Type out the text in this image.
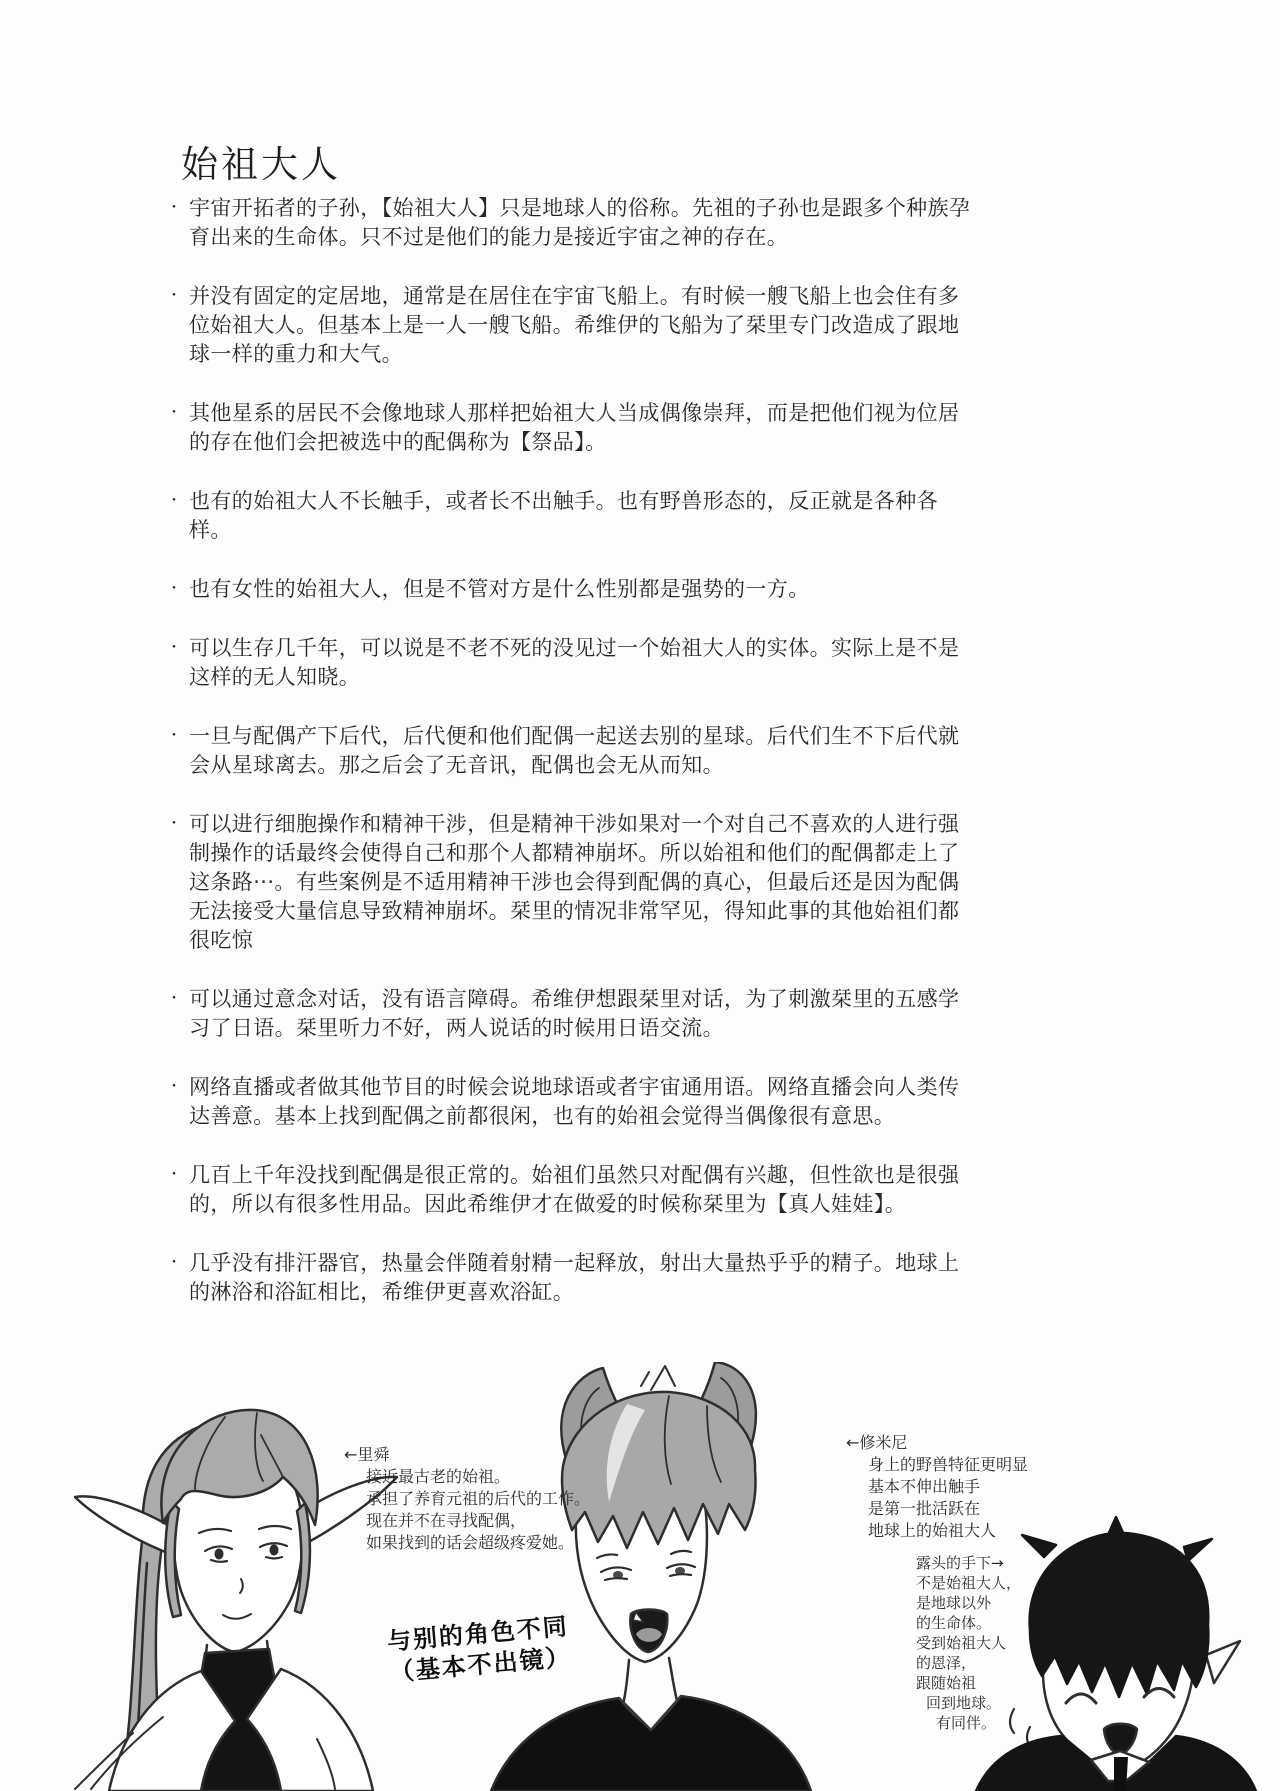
始祖大人
・ 宇宙开拓者的子孙，【始祖大人】只是地球人的俗称。先祖的子孙也是跟多个种族孕育出来的生命体。只不过是他们的能力是接近宇宙之神的存在。
・ 并没有固定的定居地，通常是在居住在宇宙飞船上。有时候一艘飞船上也会住有多位始祖大人。但基本上是一人一艘飞船。希维伊的飞船为了栞里专门改造成了跟地球一样的重力和大气。
・ 其他星系的居民不会像地球人那样把始祖大人当成偶像崇拜，而是把他们视为位居的存在他们会把被选中的配偶称为【祭品】。
・ 也有的始祖大人不长触手，或者长不出触手。也有野兽形态的，反正就是各种各样。
・ 也有女性的始祖大人，但是不管对方是什么性别都是强势的一方。
・ 可以生存几千年，可以说是不老不死的没见过一个始祖大人的实体。实际上是不是这样的无人知晓。
・ 一旦与配偶产下后代，后代便和他们配偶一起送去别的星球。后代们生不下后代就会从星球离去。那之后会了无音讯，配偶也会无从而知。
・ 可以进行细胞操作和精神干涉，但是精神干涉如果对一个对自己不喜欢的人进行强制操作的话最终会使得自己和那个人都精神崩坏。所以始祖和他们的配偶都走上了这条路···。有些案例是不适用精神干涉也会得到配偶的真心，但最后还是因为配偶无法接受大量信息导致精神崩坏。栞里的情况非常罕见，得知此事的其他始祖们都很吃惊
・ 可以通过意念对话，没有语言障碍。希维伊想跟栞里对话，为了刺激栞里的五感学习了日语。栞里听力不好，两人说话的时候用日语交流。
・ 网络直播或者做其他节目的时候会说地球语或者宇宙通用语。网络直播会向人类传达善意。基本上找到配偶之前都很闲，也有的始祖会觉得当偶像很有意思。
・ 几百上千年没找到配偶是很正常的。始祖们虽然只对配偶有兴趣，但性欲也是很强的，所以有很多性用品。因此希维伊才在做爱的时候称栞里为【真人娃娃】。
・ 几乎没有排汗器官，热量会伴随着射精一起释放，射出大量热乎乎的精子。地球上的淋浴和浴缸相比，希维伊更喜欢浴缸。
←里舜
接近最古老的始祖。
承担了养育元祖的后代的工作。
现在并不在寻找配偶，
如果找到的话会超级疼爱她。
←修米尼
身上的野兽特征更明显
基本不伸出触手
是第一批活跃在
地球上的始祖大人
露头的手下→
不是始祖大人，
是地球以外
的生命体。
受到始祖大人
的恩泽，
跟随始祖
回到地球。
有同伴。
与别的角色不同
（基本不出镜）
